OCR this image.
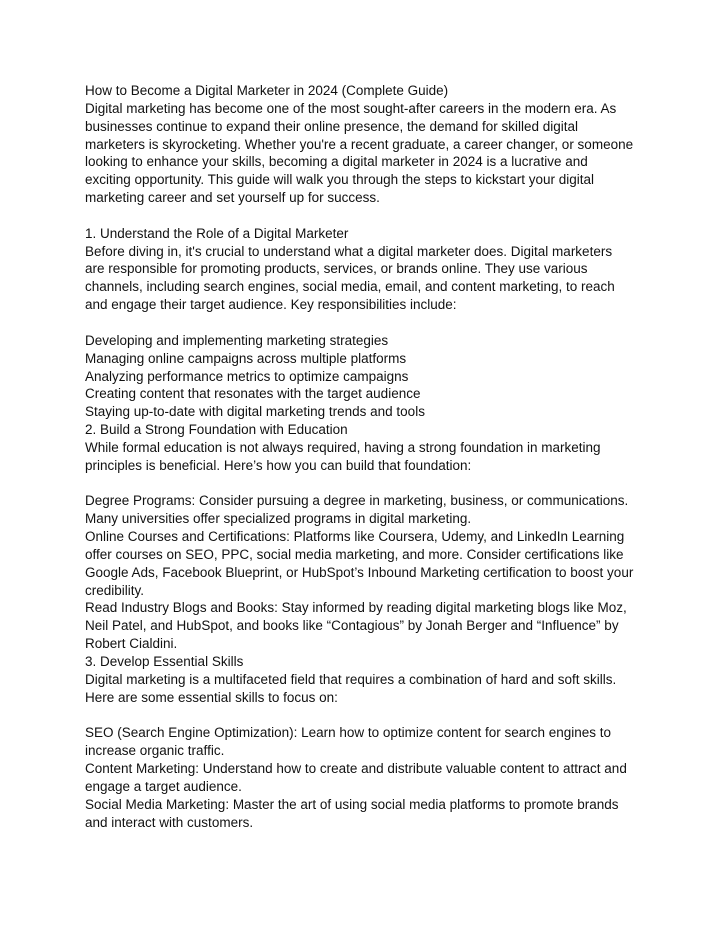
How to Become a Digital Marketer in 2024 (Complete Guide)
Digital marketing has become one of the most sought-after careers in the modern era. As
businesses continue to expand their online presence, the demand for skilled digital
marketers is skyrocketing. Whether you're a recent graduate, a career changer, or someone
looking to enhance your skills, becoming a digital marketer in 2024 is a lucrative and
exciting opportunity. This guide will walk you through the steps to kickstart your digital
marketing career and set yourself up for success.
1. Understand the Role of a Digital Marketer
Before diving in, it's crucial to understand what a digital marketer does. Digital marketers
are responsible for promoting products, services, or brands online. They use various
channels, including search engines, social media, email, and content marketing, to reach
and engage their target audience. Key responsibilities include:
Developing and implementing marketing strategies
Managing online campaigns across multiple platforms
Analyzing performance metrics to optimize campaigns
Creating content that resonates with the target audience
Staying up-to-date with digital marketing trends and tools
2. Build a Strong Foundation with Education
While formal education is not always required, having a strong foundation in marketing
principles is beneficial. Here’s how you can build that foundation:
Degree Programs: Consider pursuing a degree in marketing, business, or communications.
Many universities offer specialized programs in digital marketing.
Online Courses and Certifications: Platforms like Coursera, Udemy, and LinkedIn Learning
offer courses on SEO, PPC, social media marketing, and more. Consider certifications like
Google Ads, Facebook Blueprint, or HubSpot’s Inbound Marketing certification to boost your
credibility.
Read Industry Blogs and Books: Stay informed by reading digital marketing blogs like Moz,
Neil Patel, and HubSpot, and books like “Contagious” by Jonah Berger and “Influence” by
Robert Cialdini.
3. Develop Essential Skills
Digital marketing is a multifaceted field that requires a combination of hard and soft skills.
Here are some essential skills to focus on:
SEO (Search Engine Optimization): Learn how to optimize content for search engines to
increase organic traffic.
Content Marketing: Understand how to create and distribute valuable content to attract and
engage a target audience.
Social Media Marketing: Master the art of using social media platforms to promote brands
and interact with customers.
